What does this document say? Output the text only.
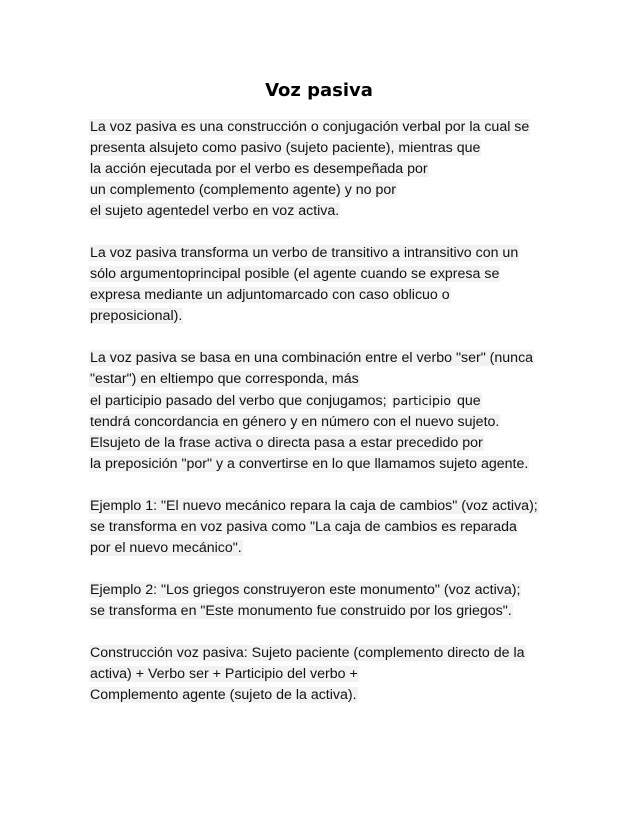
Voz pasiva

La voz pasiva es una construcción o conjugación verbal por la cual se
presenta alsujeto como pasivo (sujeto paciente), mientras que
la acción ejecutada por el verbo es desempeñada por
un complemento (complemento agente) y no por
el sujeto agentedel verbo en voz activa.

La voz pasiva transforma un verbo de transitivo a intransitivo con un
sólo argumentoprincipal posible (el agente cuando se expresa se
expresa mediante un adjuntomarcado con caso oblicuo o
preposicional).

La voz pasiva se basa en una combinación entre el verbo "ser" (nunca
"estar") en eltiempo que corresponda, más
el participio pasado del verbo que conjugamos; participio que
tendrá concordancia en género y en número con el nuevo sujeto.
Elsujeto de la frase activa o directa pasa a estar precedido por
la preposición "por" y a convertirse en lo que llamamos sujeto agente.

Ejemplo 1: "El nuevo mecánico repara la caja de cambios" (voz activa);
se transforma en voz pasiva como "La caja de cambios es reparada
por el nuevo mecánico".

Ejemplo 2: "Los griegos construyeron este monumento" (voz activa);
se transforma en "Este monumento fue construido por los griegos".

Construcción voz pasiva: Sujeto paciente (complemento directo de la
activa) + Verbo ser + Participio del verbo +
Complemento agente (sujeto de la activa).
